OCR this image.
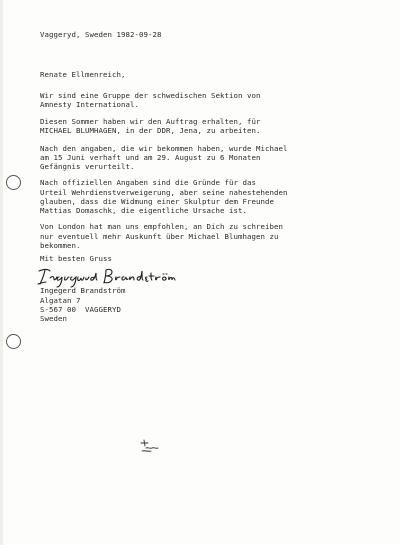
Vaggeryd, Sweden 1982-09-28
Renate Ellmenreich,
Wir sind eine Gruppe der schwedischen Sektion von
Amnesty International.
Diesen Sommer haben wir den Auftrag erhalten, für
MICHAEL BLUMHAGEN, in der DDR, Jena, zu arbeiten.
Nach den angaben, die wir bekommen haben, wurde Michael
am 15 Juni verhaft und am 29. August zu 6 Monaten
Gefängnis verurteilt.
Nach offiziellen Angaben sind die Gründe für das
Urteil Wehrdienstverweigerung, aber seine nahestehenden
glauben, dass die Widmung einer Skulptur dem Freunde
Mattias Domaschk, die eigentliche Ursache ist.
Von London hat man uns empfohlen, an Dich zu schreiben
nur eventuell mehr Auskunft über Michael Blumhagen zu
bekommen.
Mit besten Gruss
Ingegerd Brandström
Algatan 7
S-567 00  VAGGERYD
Sweden
